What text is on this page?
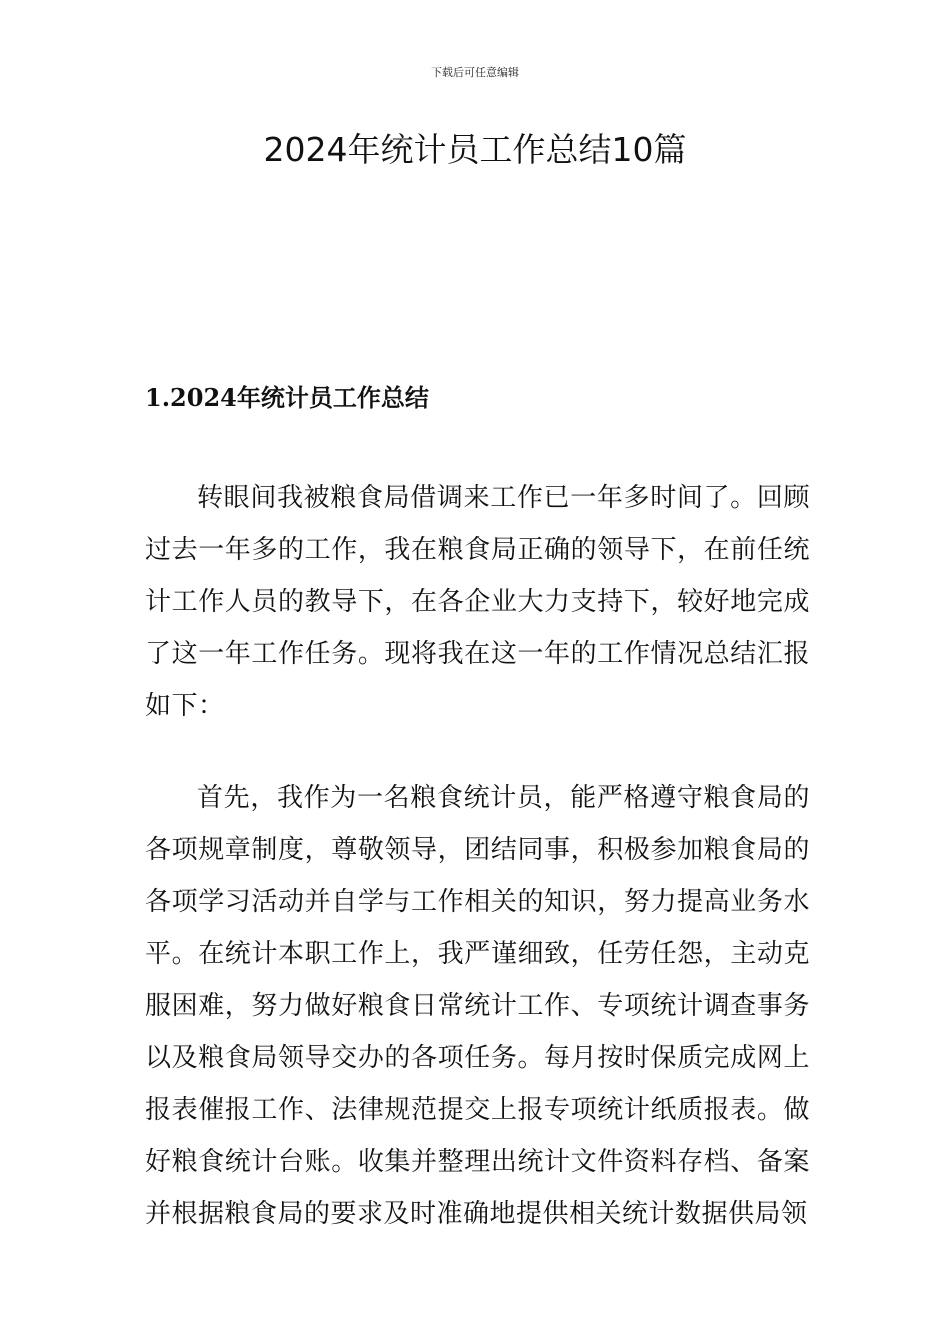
下载后可任意编辑
2024年统计员工作总结10篇
1.2024年统计员工作总结

转眼间我被粮食局借调来工作已一年多时间了。回顾过去一年多的工作，我在粮食局正确的领导下，在前任统计工作人员的教导下，在各企业大力支持下，较好地完成了这一年工作任务。现将我在这一年的工作情况总结汇报如下：

首先，我作为一名粮食统计员，能严格遵守粮食局的各项规章制度，尊敬领导，团结同事，积极参加粮食局的各项学习活动并自学与工作相关的知识，努力提高业务水平。在统计本职工作上，我严谨细致，任劳任怨，主动克服困难，努力做好粮食日常统计工作、专项统计调查事务以及粮食局领导交办的各项任务。每月按时保质完成网上报表催报工作、法律规范提交上报专项统计纸质报表。做好粮食统计台账。收集并整理出统计文件资料存档、备案并根据粮食局的要求及时准确地提供相关统计数据供局领
